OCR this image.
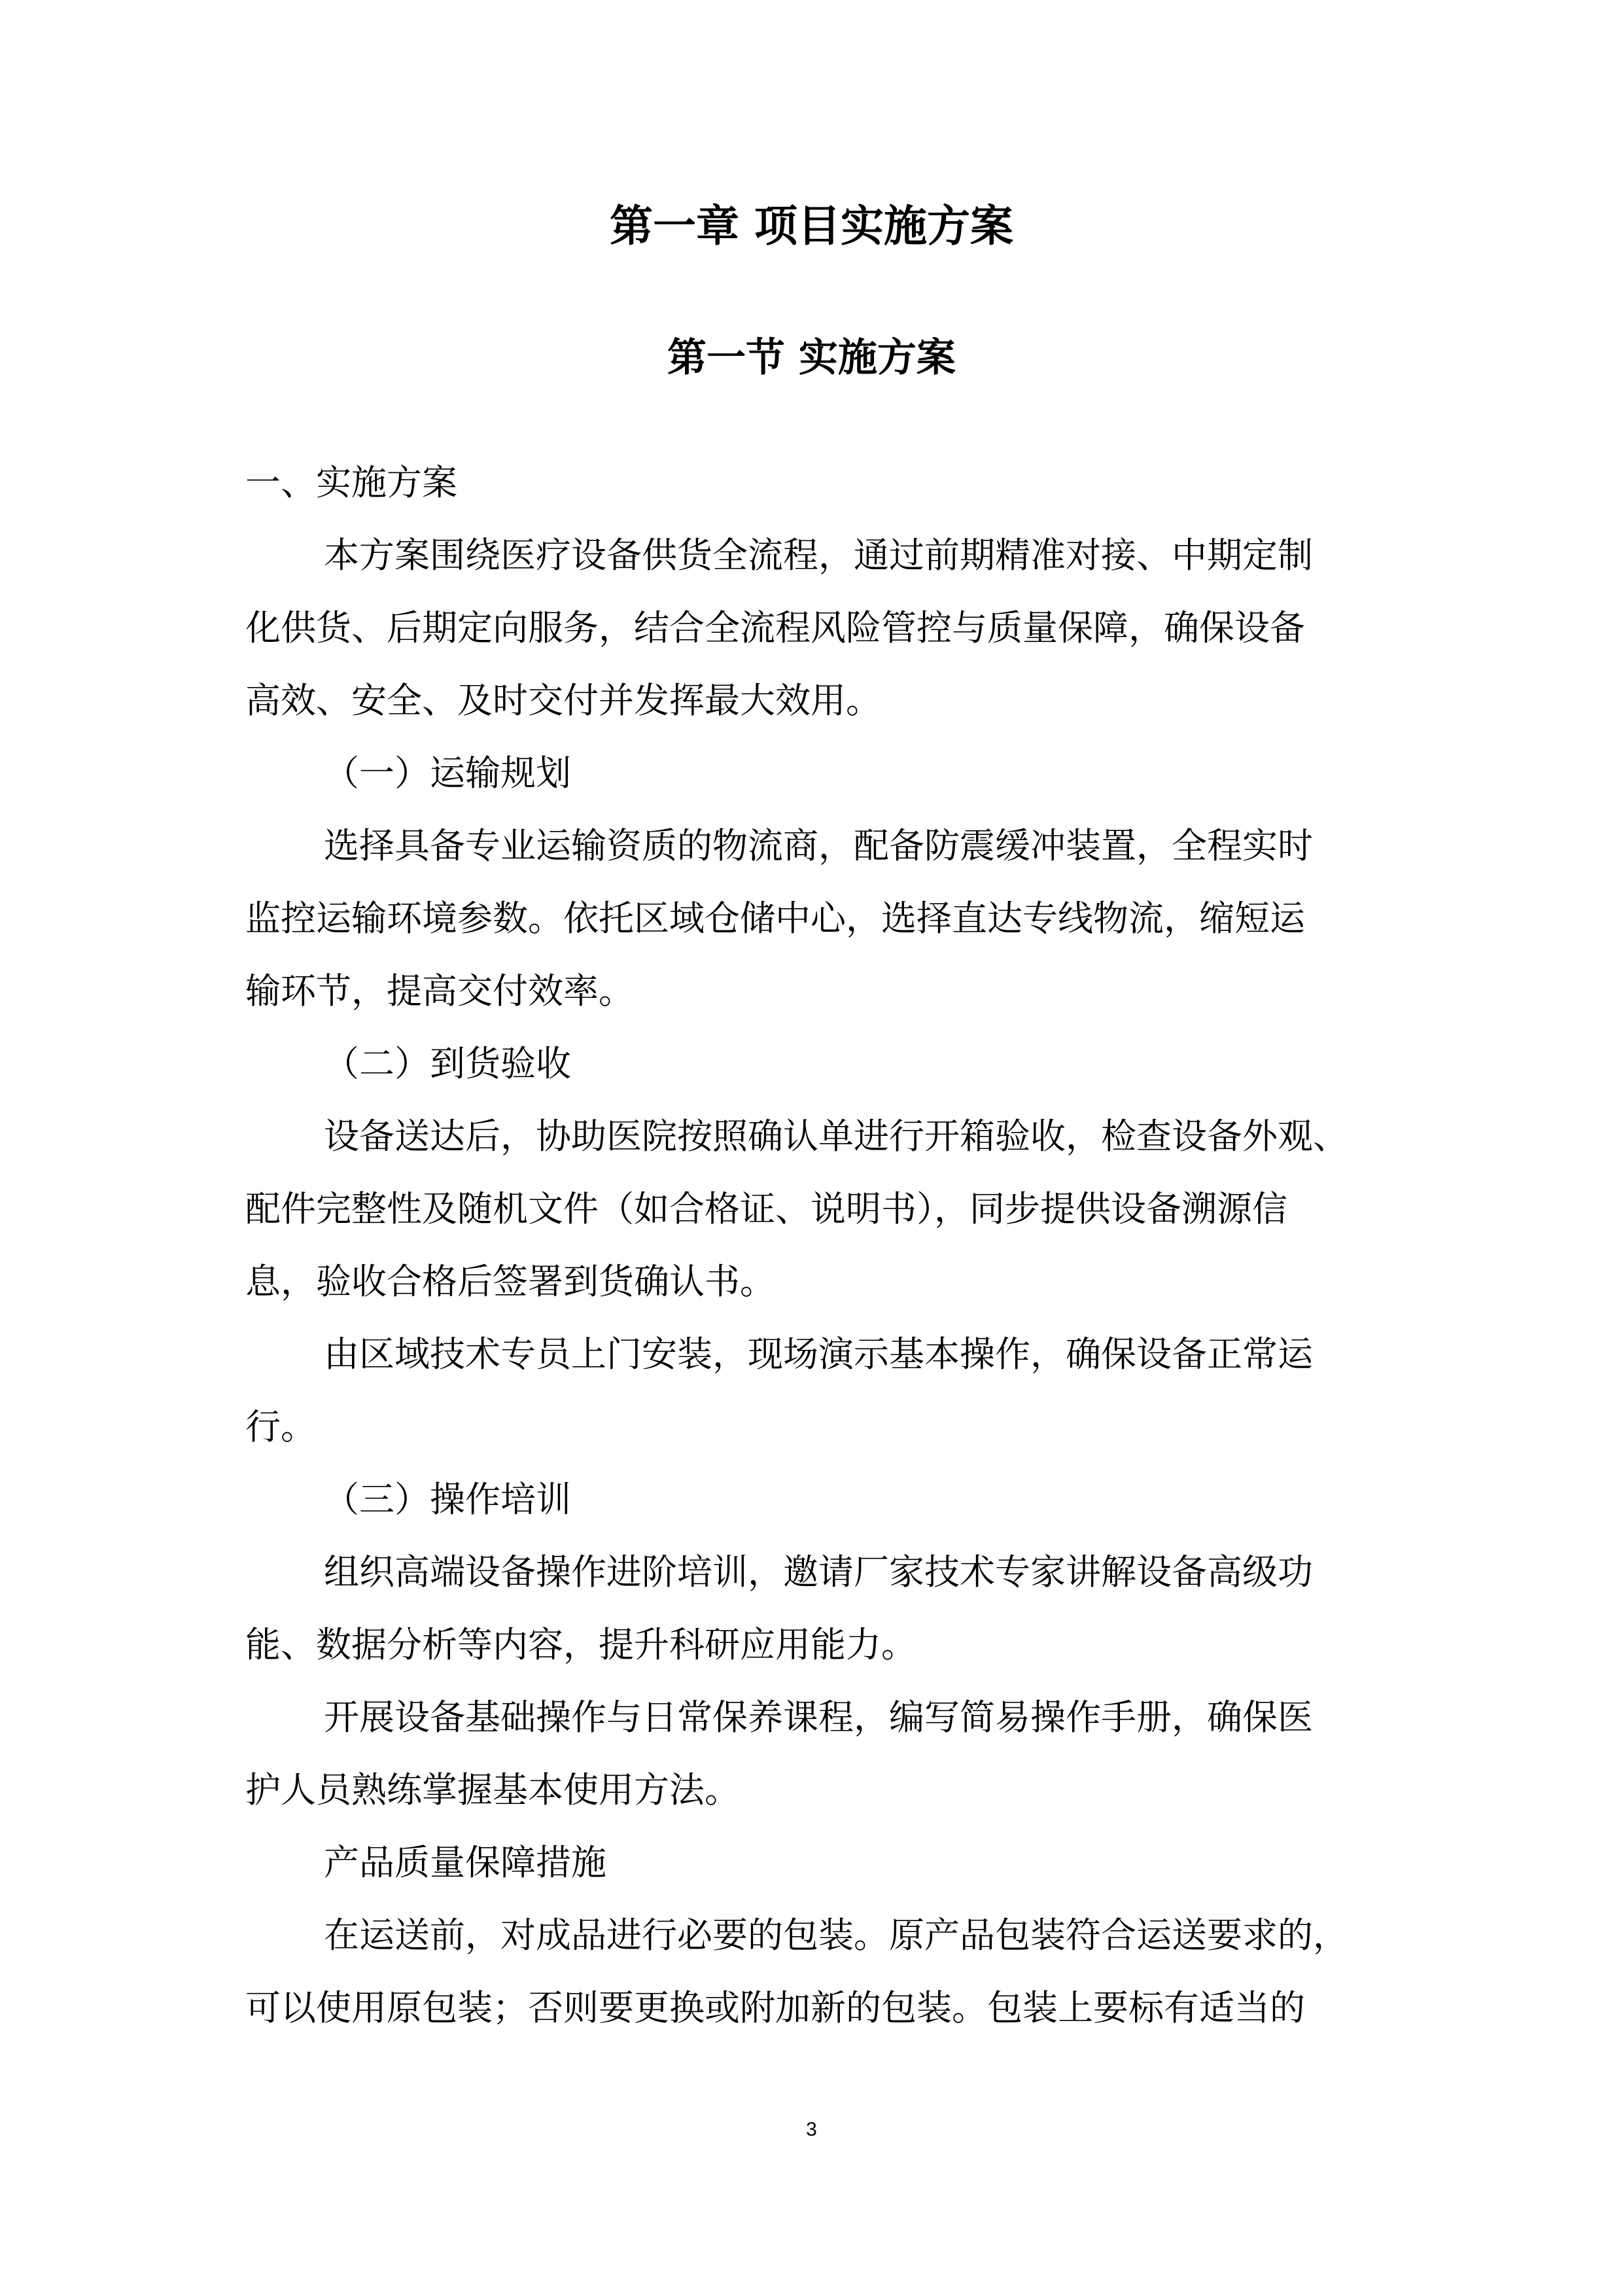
第一章 项目实施方案
第一节 实施方案
一、实施方案
本方案围绕医疗设备供货全流程，通过前期精准对接、中期定制
化供货、后期定向服务，结合全流程风险管控与质量保障，确保设备
高效、安全、及时交付并发挥最大效用。
（一）运输规划
选择具备专业运输资质的物流商，配备防震缓冲装置，全程实时
监控运输环境参数。依托区域仓储中心，选择直达专线物流，缩短运
输环节，提高交付效率。
（二）到货验收
设备送达后，协助医院按照确认单进行开箱验收，检查设备外观、
配件完整性及随机文件（如合格证、说明书），同步提供设备溯源信
息，验收合格后签署到货确认书。
由区域技术专员上门安装，现场演示基本操作，确保设备正常运
行。
（三）操作培训
组织高端设备操作进阶培训，邀请厂家技术专家讲解设备高级功
能、数据分析等内容，提升科研应用能力。
开展设备基础操作与日常保养课程，编写简易操作手册，确保医
护人员熟练掌握基本使用方法。
产品质量保障措施
在运送前，对成品进行必要的包装。原产品包装符合运送要求的，
可以使用原包装；否则要更换或附加新的包装。包装上要标有适当的
3
